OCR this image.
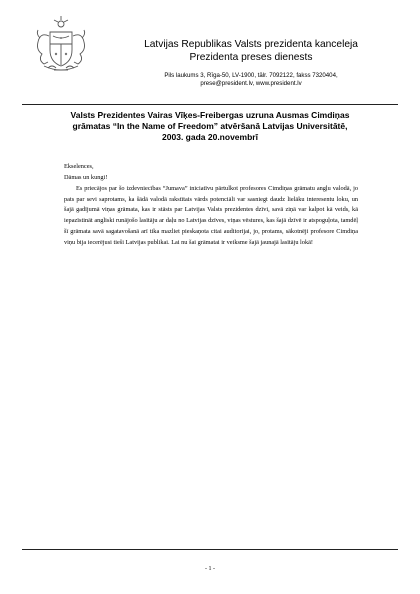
Latvijas Republikas Valsts prezidenta kanceleja
Prezidenta preses dienests
Pils laukums 3, Rīga-50, LV-1900, tālr. 7092122, fakss 7320404,
prese@president.lv, www.president.lv
Valsts Prezidentes Vairas Vīķes-Freibergas uzruna Ausmas Cimdiņas
grāmatas “In the Name of Freedom” atvēršanā Latvijas Universitātē,
2003. gada 20.novembrī
Ekselences,
Dāmas un kungi!
Es priecājos par šo izdevniecības “Jumava” iniciatīvu pārtulkot profesores Cimdiņas grāmatu angļu valodā, jo pats par sevi saprotams, ka šādā valodā rakstītais vārds potenciāli var sasniegt daudz lielāku interesentu loku, un šajā gadījumā viņas grāmata, kas ir stāsts par Latvijas Valsts prezidentes dzīvi, savā ziņā var kalpot kā veids, kā iepazīstināt angliski runājošo lasītāju ar daļu no Latvijas dzīves, viņas vēstures, kas šajā dzīvē ir atspoguļota, tamdēļ šī grāmata savā sagatavošanā arī tika mazliet pieskaņota citai auditorijai, jo, protams, sākotnēji profesore Cimdiņa viņu bija iecerējusi tieši Latvijas publikai. Lai nu šai grāmatai ir veiksme šajā jaunajā lasītāju lokā!
- 1 -
